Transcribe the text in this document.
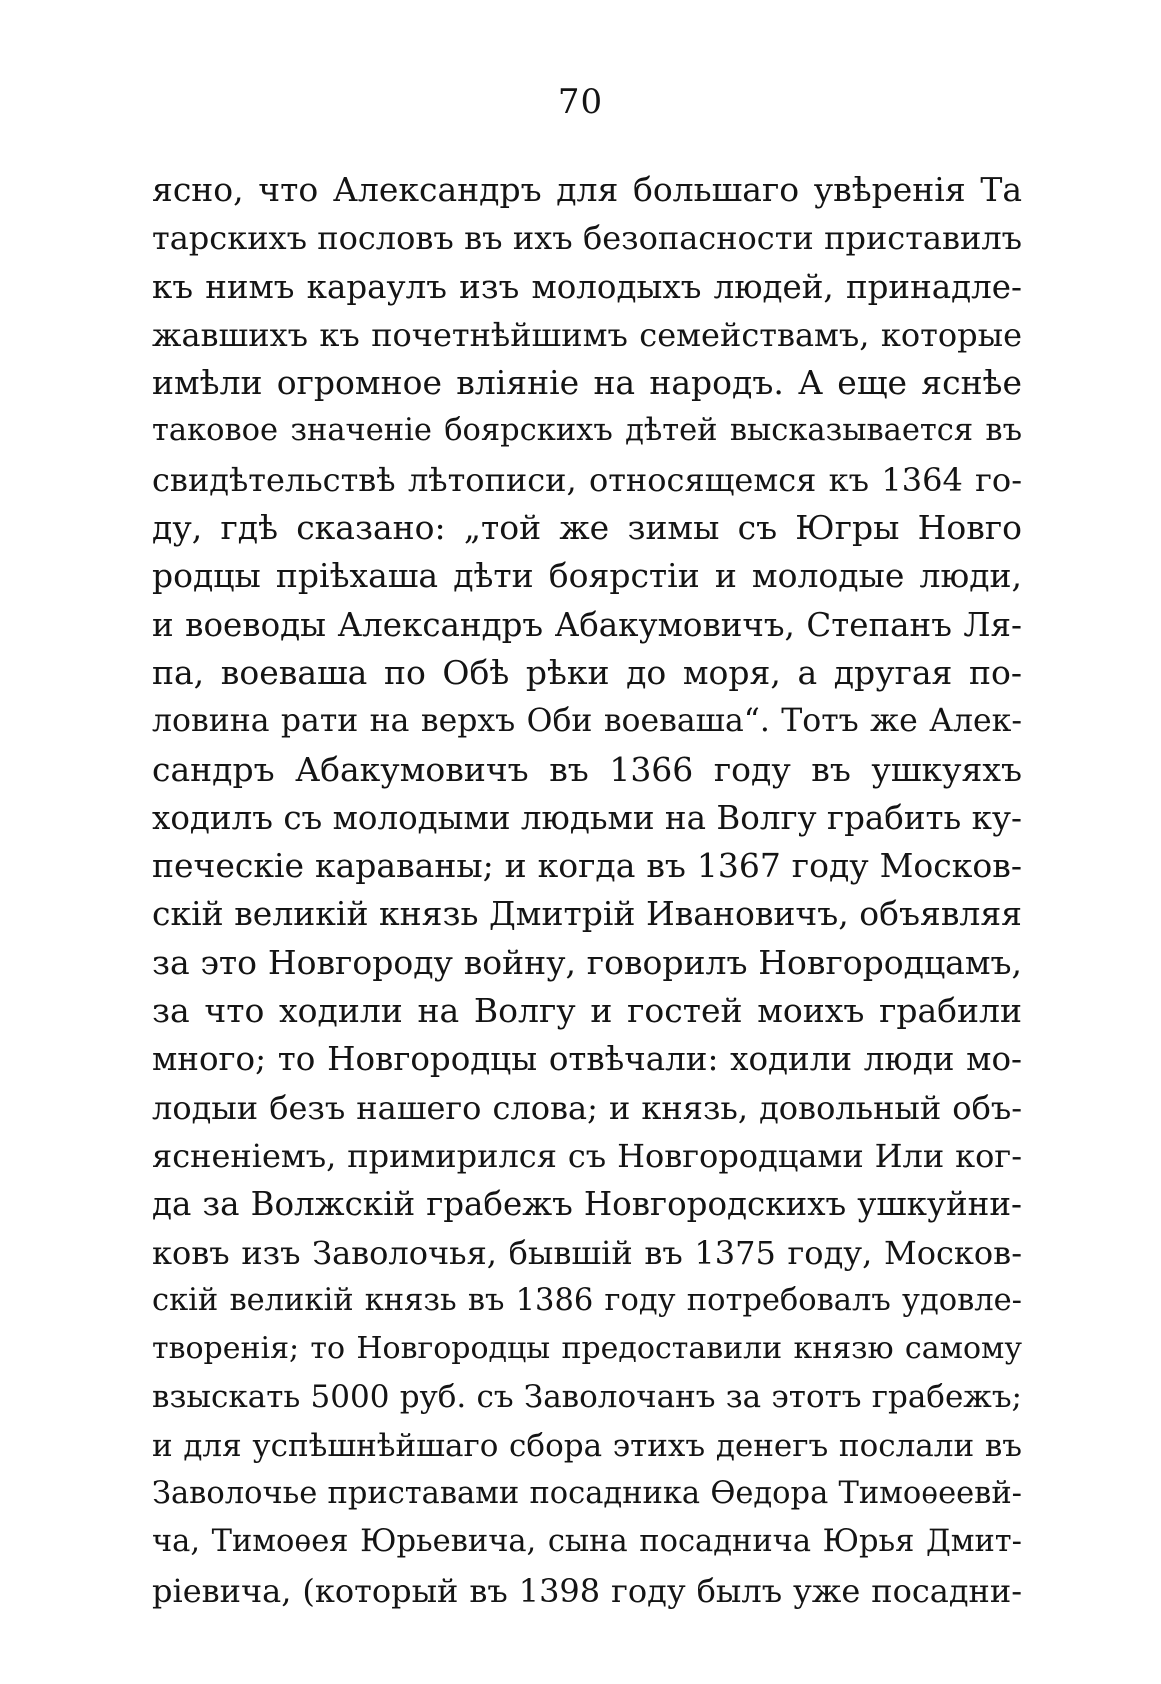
70
ясно, что Александръ для большаго увѣренія Та
тарскихъ пословъ въ ихъ безопасности приставилъ
къ нимъ караулъ изъ молодыхъ людей, принадле-
жавшихъ къ почетнѣйшимъ семействамъ, которые
имѣли огромное вліяніе на народъ. А еще яснѣе
таковое значеніе боярскихъ дѣтей высказывается въ
свидѣтельствѣ лѣтописи, относящемся къ 1364 го-
ду, гдѣ сказано: „той же зимы съ Югры Новго
родцы пріѣхаша дѣти боярстіи и молодые люди,
и воеводы Александръ Абакумовичъ, Степанъ Ля-
па, воеваша по Обѣ рѣки до моря, а другая по-
ловина рати на верхъ Оби воеваша“. Тотъ же Алек-
сандръ Абакумовичъ въ 1366 году въ ушкуяхъ
ходилъ съ молодыми людьми на Волгу грабить ку-
печескіе караваны; и когда въ 1367 году Москов-
скій великій князь Дмитрій Ивановичъ, объявляя
за это Новгороду войну, говорилъ Новгородцамъ,
за что ходили на Волгу и гостей моихъ грабили
много; то Новгородцы отвѣчали: ходили люди мо-
лодыи безъ нашего слова; и князь, довольный объ-
ясненіемъ, примирился съ Новгородцами Или ког-
да за Волжскій грабежъ Новгородскихъ ушкуйни-
ковъ изъ Заволочья, бывшій въ 1375 году, Москов-
скій великій князь въ 1386 году потребовалъ удовле-
творенія; то Новгородцы предоставили князю самому
взыскать 5000 руб. съ Заволочанъ за этотъ грабежъ;
и для успѣшнѣйшаго сбора этихъ денегъ послали въ
Заволочье приставами посадника Ѳедора Тимоѳеевй-
ча, Тимоѳея Юрьевича, сына посаднича Юрья Дмит-
ріевича, (который въ 1398 году былъ уже посадни-
